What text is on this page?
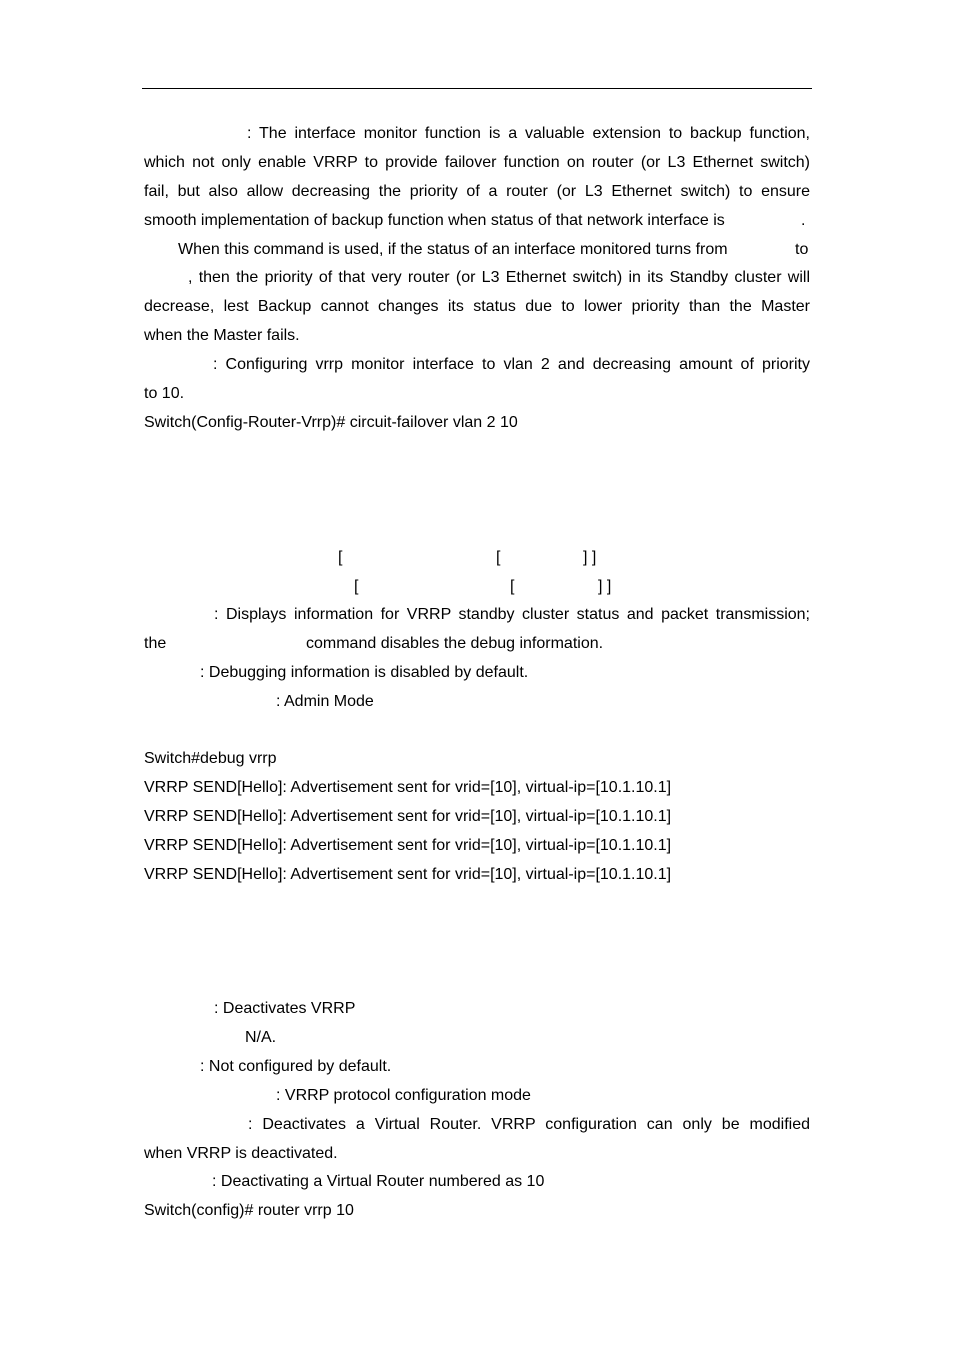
: The interface monitor function is a valuable extension to backup function,
which not only enable VRRP to provide failover function on router (or L3 Ethernet switch)
fail, but also allow decreasing the priority of a router (or L3 Ethernet switch) to ensure
smooth implementation of backup function when status of that network interface is	.
When this command is used, if the status of an interface monitored turns from	to
, then the priority of that very router (or L3 Ethernet switch) in its Standby cluster will
decrease, lest Backup cannot changes its status due to lower priority than the Master
when the Master fails.
: Configuring vrrp monitor interface to vlan 2 and decreasing amount of priority
to 10.
Switch(Config-Router-Vrrp)# circuit-failover vlan 2 10
[	[	] ]
[	[	] ]
: Displays information for VRRP standby cluster status and packet transmission;
the	command disables the debug information.
: Debugging information is disabled by default.
: Admin Mode
Switch#debug vrrp
VRRP SEND[Hello]: Advertisement sent for vrid=[10], virtual-ip=[10.1.10.1]
VRRP SEND[Hello]: Advertisement sent for vrid=[10], virtual-ip=[10.1.10.1]
VRRP SEND[Hello]: Advertisement sent for vrid=[10], virtual-ip=[10.1.10.1]
VRRP SEND[Hello]: Advertisement sent for vrid=[10], virtual-ip=[10.1.10.1]
: Deactivates VRRP
N/A.
: Not configured by default.
: VRRP protocol configuration mode
: Deactivates a Virtual Router. VRRP configuration can only be modified
when VRRP is deactivated.
: Deactivating a Virtual Router numbered as 10
Switch(config)# router vrrp 10
